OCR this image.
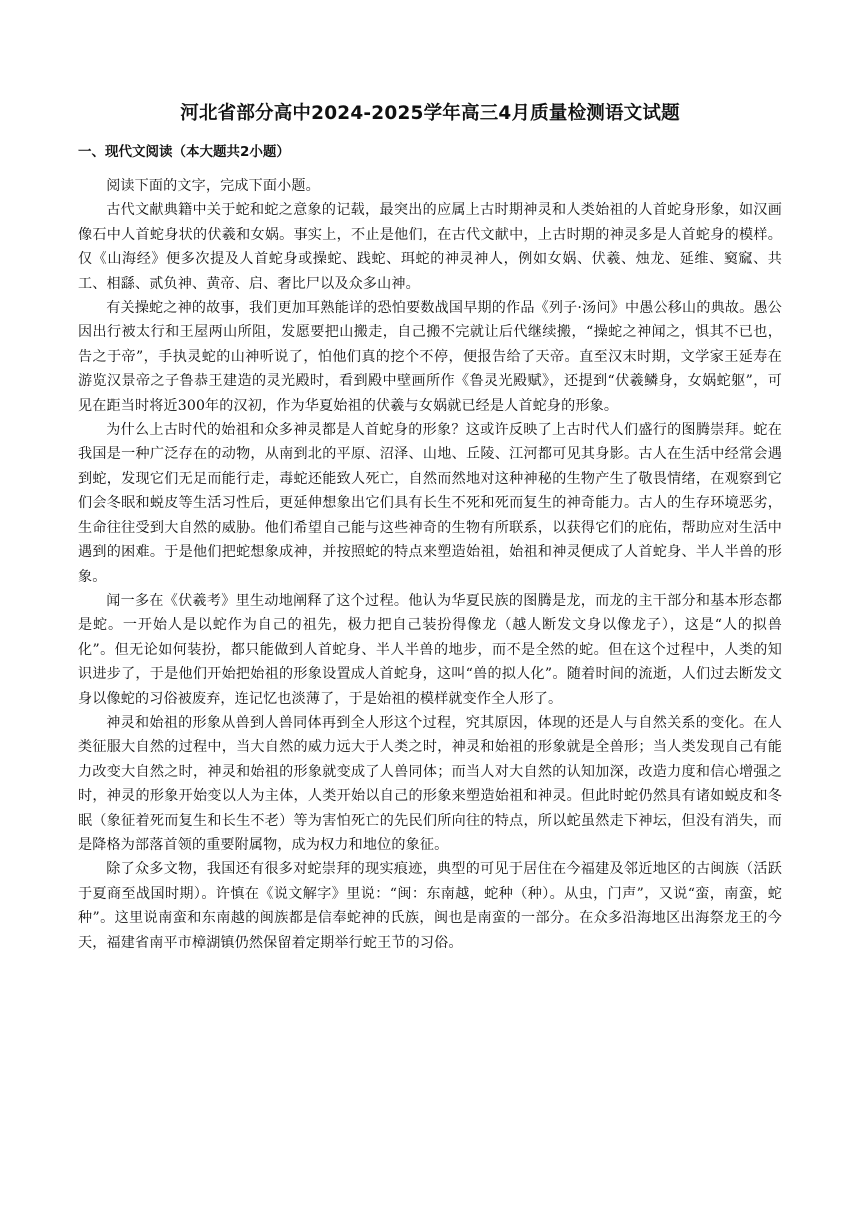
河北省部分高中2024-2025学年高三4月质量检测语文试题
一、现代文阅读（本大题共2小题）

阅读下面的文字，完成下面小题。

古代文献典籍中关于蛇和蛇之意象的记载，最突出的应属上古时期神灵和人类始祖的人首蛇身形象，如汉画像石中人首蛇身状的伏羲和女娲。事实上，不止是他们，在古代文献中，上古时期的神灵多是人首蛇身的模样。仅《山海经》便多次提及人首蛇身或操蛇、践蛇、珥蛇的神灵神人，例如女娲、伏羲、烛龙、延维、窫窳、共工、相繇、贰负神、黄帝、启、奢比尸以及众多山神。

有关操蛇之神的故事，我们更加耳熟能详的恐怕要数战国早期的作品《列子·汤问》中愚公移山的典故。愚公因出行被太行和王屋两山所阻，发愿要把山搬走，自己搬不完就让后代继续搬，“操蛇之神闻之，惧其不已也，告之于帝”，手执灵蛇的山神听说了，怕他们真的挖个不停，便报告给了天帝。直至汉末时期，文学家王延寿在游览汉景帝之子鲁恭王建造的灵光殿时，看到殿中壁画所作《鲁灵光殿赋》，还提到“伏羲鳞身，女娲蛇躯”，可见在距当时将近300年的汉初，作为华夏始祖的伏羲与女娲就已经是人首蛇身的形象。

为什么上古时代的始祖和众多神灵都是人首蛇身的形象？这或许反映了上古时代人们盛行的图腾崇拜。蛇在我国是一种广泛存在的动物，从南到北的平原、沼泽、山地、丘陵、江河都可见其身影。古人在生活中经常会遇到蛇，发现它们无足而能行走，毒蛇还能致人死亡，自然而然地对这种神秘的生物产生了敬畏情绪，在观察到它们会冬眠和蜕皮等生活习性后，更延伸想象出它们具有长生不死和死而复生的神奇能力。古人的生存环境恶劣，生命往往受到大自然的威胁。他们希望自己能与这些神奇的生物有所联系，以获得它们的庇佑，帮助应对生活中遇到的困难。于是他们把蛇想象成神，并按照蛇的特点来塑造始祖，始祖和神灵便成了人首蛇身、半人半兽的形象。

闻一多在《伏羲考》里生动地阐释了这个过程。他认为华夏民族的图腾是龙，而龙的主干部分和基本形态都是蛇。一开始人是以蛇作为自己的祖先，极力把自己装扮得像龙（越人断发文身以像龙子），这是“人的拟兽化”。但无论如何装扮，都只能做到人首蛇身、半人半兽的地步，而不是全然的蛇。但在这个过程中，人类的知识进步了，于是他们开始把始祖的形象设置成人首蛇身，这叫“兽的拟人化”。随着时间的流逝，人们过去断发文身以像蛇的习俗被废弃，连记忆也淡薄了，于是始祖的模样就变作全人形了。

神灵和始祖的形象从兽到人兽同体再到全人形这个过程，究其原因，体现的还是人与自然关系的变化。在人类征服大自然的过程中，当大自然的威力远大于人类之时，神灵和始祖的形象就是全兽形；当人类发现自己有能力改变大自然之时，神灵和始祖的形象就变成了人兽同体；而当人对大自然的认知加深，改造力度和信心增强之时，神灵的形象开始变以人为主体，人类开始以自己的形象来塑造始祖和神灵。但此时蛇仍然具有诸如蜕皮和冬眠（象征着死而复生和长生不老）等为害怕死亡的先民们所向往的特点，所以蛇虽然走下神坛，但没有消失，而是降格为部落首领的重要附属物，成为权力和地位的象征。

除了众多文物，我国还有很多对蛇崇拜的现实痕迹，典型的可见于居住在今福建及邻近地区的古闽族（活跃于夏商至战国时期）。许慎在《说文解字》里说：“闽：东南越，蛇种（种）。从虫，门声”，又说“蛮，南蛮，蛇种”。这里说南蛮和东南越的闽族都是信奉蛇神的氏族，闽也是南蛮的一部分。在众多沿海地区出海祭龙王的今天，福建省南平市樟湖镇仍然保留着定期举行蛇王节的习俗。
